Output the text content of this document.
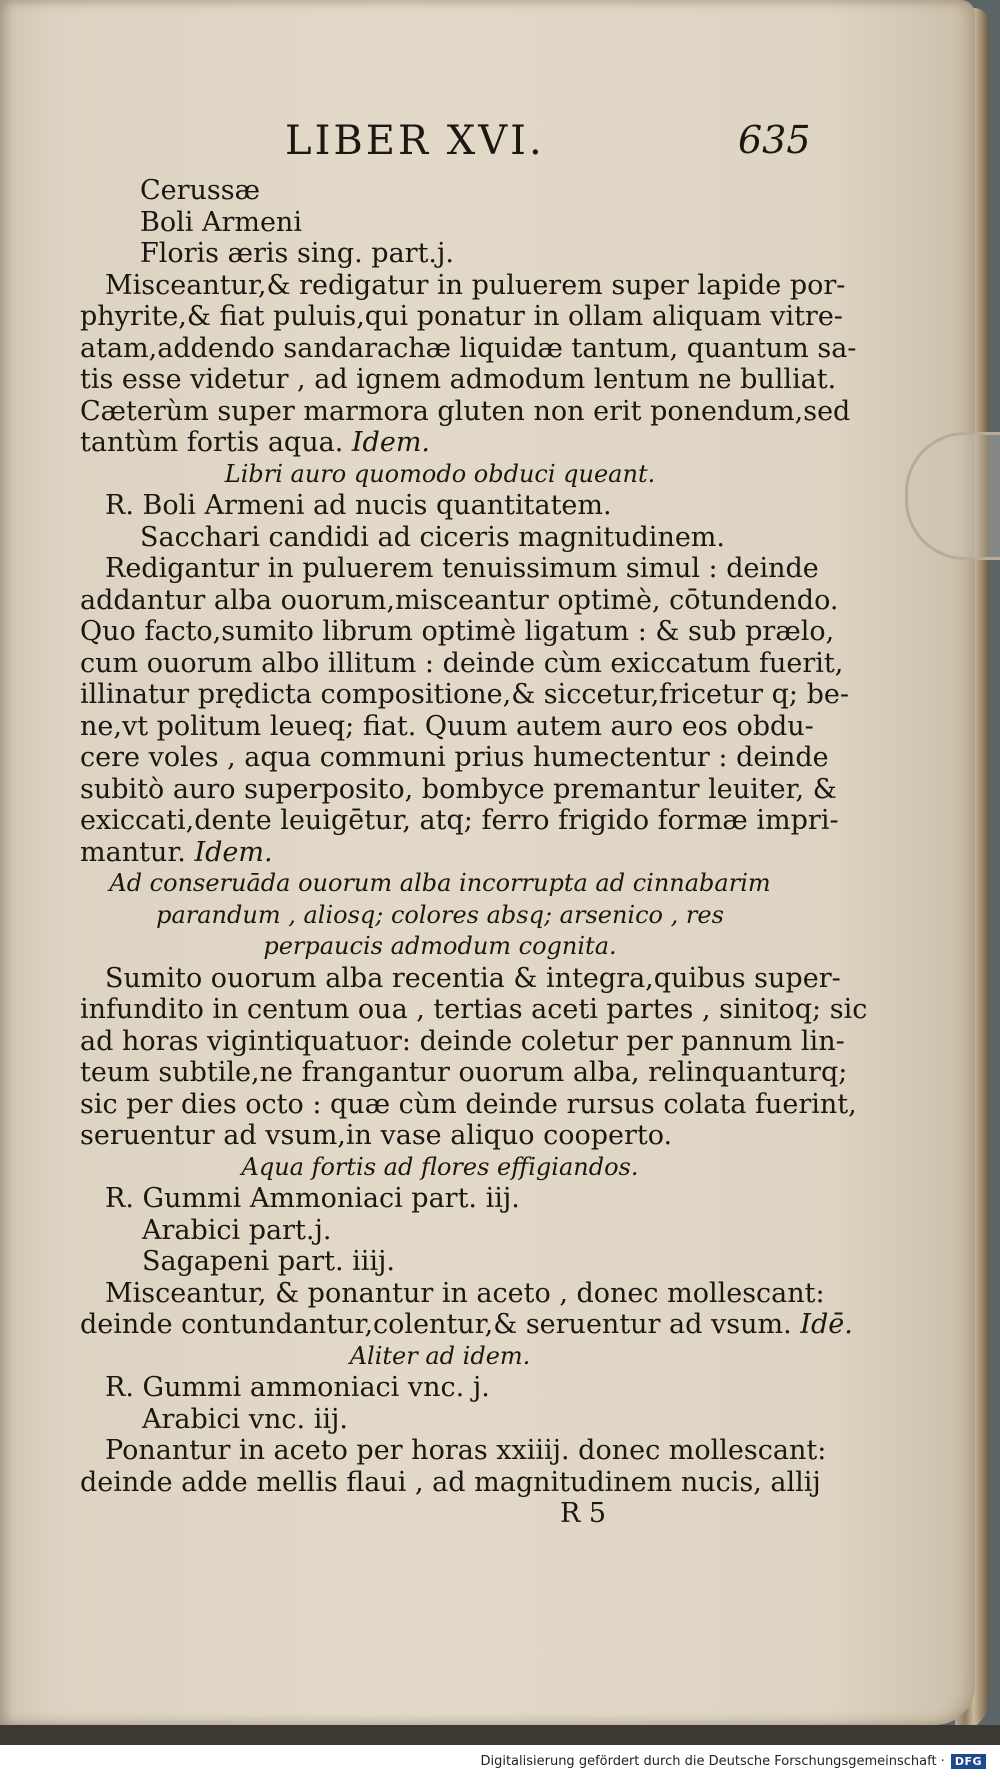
LIBER XVI.	635
Cerussæ
Boli Armeni
Floris æris sing. part.j.
Misceantur,& redigatur in puluerem super lapide por-
phyrite,& fiat puluis,qui ponatur in ollam aliquam vitre-
atam,addendo sandarachæ liquidæ tantum, quantum sa-
tis esse videtur , ad ignem admodum lentum ne bulliat.
Cæterùm super marmora gluten non erit ponendum,sed
tantùm fortis aqua. Idem.
Libri auro quomodo obduci queant.
R. Boli Armeni ad nucis quantitatem.
Sacchari candidi ad ciceris magnitudinem.
Redigantur in puluerem tenuissimum simul : deinde
addantur alba ouorum,misceantur optimè, cōtundendo.
Quo facto,sumito librum optimè ligatum : & sub prælo,
cum ouorum albo illitum : deinde cùm exiccatum fuerit,
illinatur prędicta compositione,& siccetur,fricetur q; be-
ne,vt politum leueq; fiat. Quum autem auro eos obdu-
cere voles , aqua communi prius humectentur : deinde
subitò auro superposito, bombyce premantur leuiter, &
exiccati,dente leuigētur, atq; ferro frigido formæ impri-
mantur. Idem.
Ad conseruāda ouorum alba incorrupta ad cinnabarim
parandum , aliosq; colores absq; arsenico , res
perpaucis admodum cognita.
Sumito ouorum alba recentia & integra,quibus super-
infundito in centum oua , tertias aceti partes , sinitoq; sic
ad horas vigintiquatuor: deinde coletur per pannum lin-
teum subtile,ne frangantur ouorum alba, relinquanturq;
sic per dies octo : quæ cùm deinde rursus colata fuerint,
seruentur ad vsum,in vase aliquo cooperto.
Aqua fortis ad flores effigiandos.
R. Gummi Ammoniaci part. iij.
Arabici part.j.
Sagapeni part. iiij.
Misceantur, & ponantur in aceto , donec mollescant:
deinde contundantur,colentur,& seruentur ad vsum. Idē.
Aliter ad idem.
R. Gummi ammoniaci vnc. j.
Arabici vnc. iij.
Ponantur in aceto per horas xxiiij. donec mollescant:
deinde adde mellis flaui , ad magnitudinem nucis, allij
R 5
Digitalisierung gefördert durch die Deutsche Forschungsgemeinschaft · DFG
